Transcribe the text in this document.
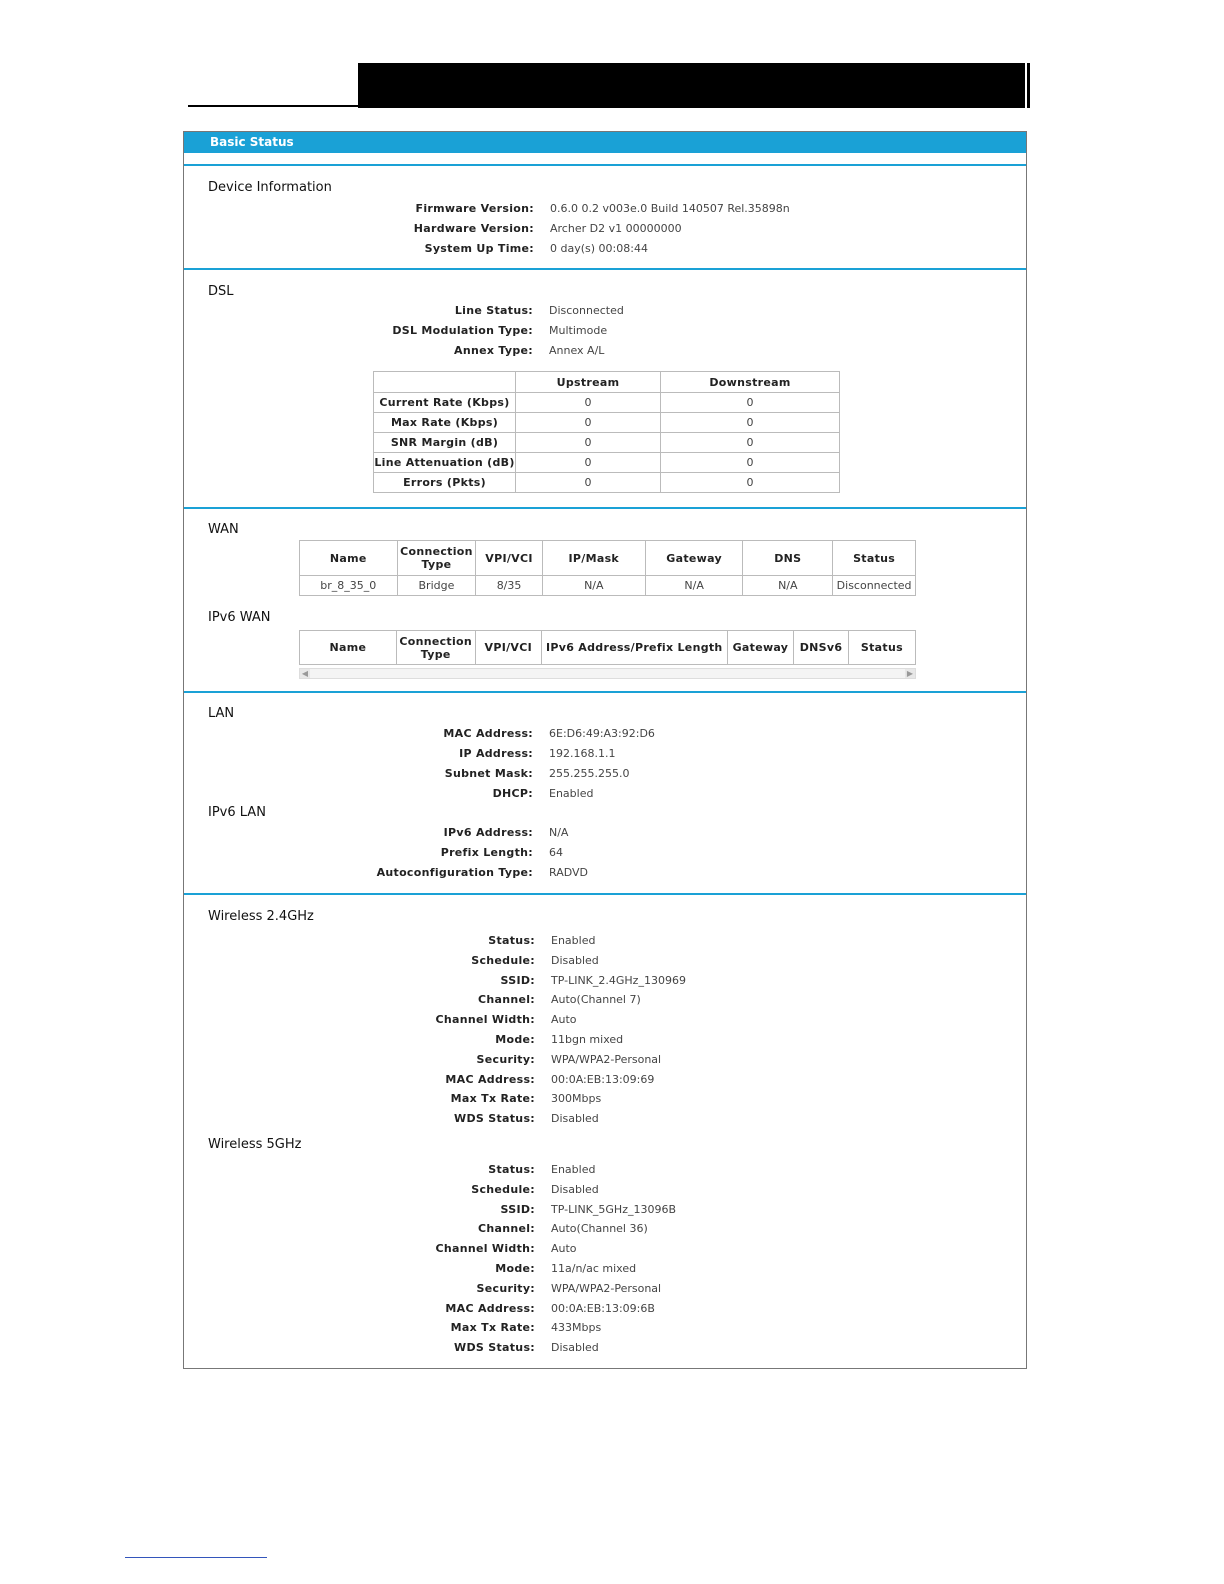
Basic Status
Device Information
Firmware Version: 0.6.0 0.2 v003e.0 Build 140507 Rel.35898n
Hardware Version: Archer D2 v1 00000000
System Up Time: 0 day(s) 00:08:44
DSL
Line Status: Disconnected
DSL Modulation Type: Multimode
Annex Type: Annex A/L
	Upstream	Downstream
Current Rate (Kbps)	0	0
Max Rate (Kbps)	0	0
SNR Margin (dB)	0	0
Line Attenuation (dB)	0	0
Errors (Pkts)	0	0
WAN
Name	Connection Type	VPI/VCI	IP/Mask	Gateway	DNS	Status
br_8_35_0	Bridge	8/35	N/A	N/A	N/A	Disconnected
IPv6 WAN
Name	Connection Type	VPI/VCI	IPv6 Address/Prefix Length	Gateway	DNSv6	Status
◀	▶
LAN
MAC Address: 6E:D6:49:A3:92:D6
IP Address: 192.168.1.1
Subnet Mask: 255.255.255.0
DHCP: Enabled
IPv6 LAN
IPv6 Address: N/A
Prefix Length: 64
Autoconfiguration Type: RADVD
Wireless 2.4GHz
Status: Enabled
Schedule: Disabled
SSID: TP-LINK_2.4GHz_130969
Channel: Auto(Channel 7)
Channel Width: Auto
Mode: 11bgn mixed
Security: WPA/WPA2-Personal
MAC Address: 00:0A:EB:13:09:69
Max Tx Rate: 300Mbps
WDS Status: Disabled
Wireless 5GHz
Status: Enabled
Schedule: Disabled
SSID: TP-LINK_5GHz_13096B
Channel: Auto(Channel 36)
Channel Width: Auto
Mode: 11a/n/ac mixed
Security: WPA/WPA2-Personal
MAC Address: 00:0A:EB:13:09:6B
Max Tx Rate: 433Mbps
WDS Status: Disabled
